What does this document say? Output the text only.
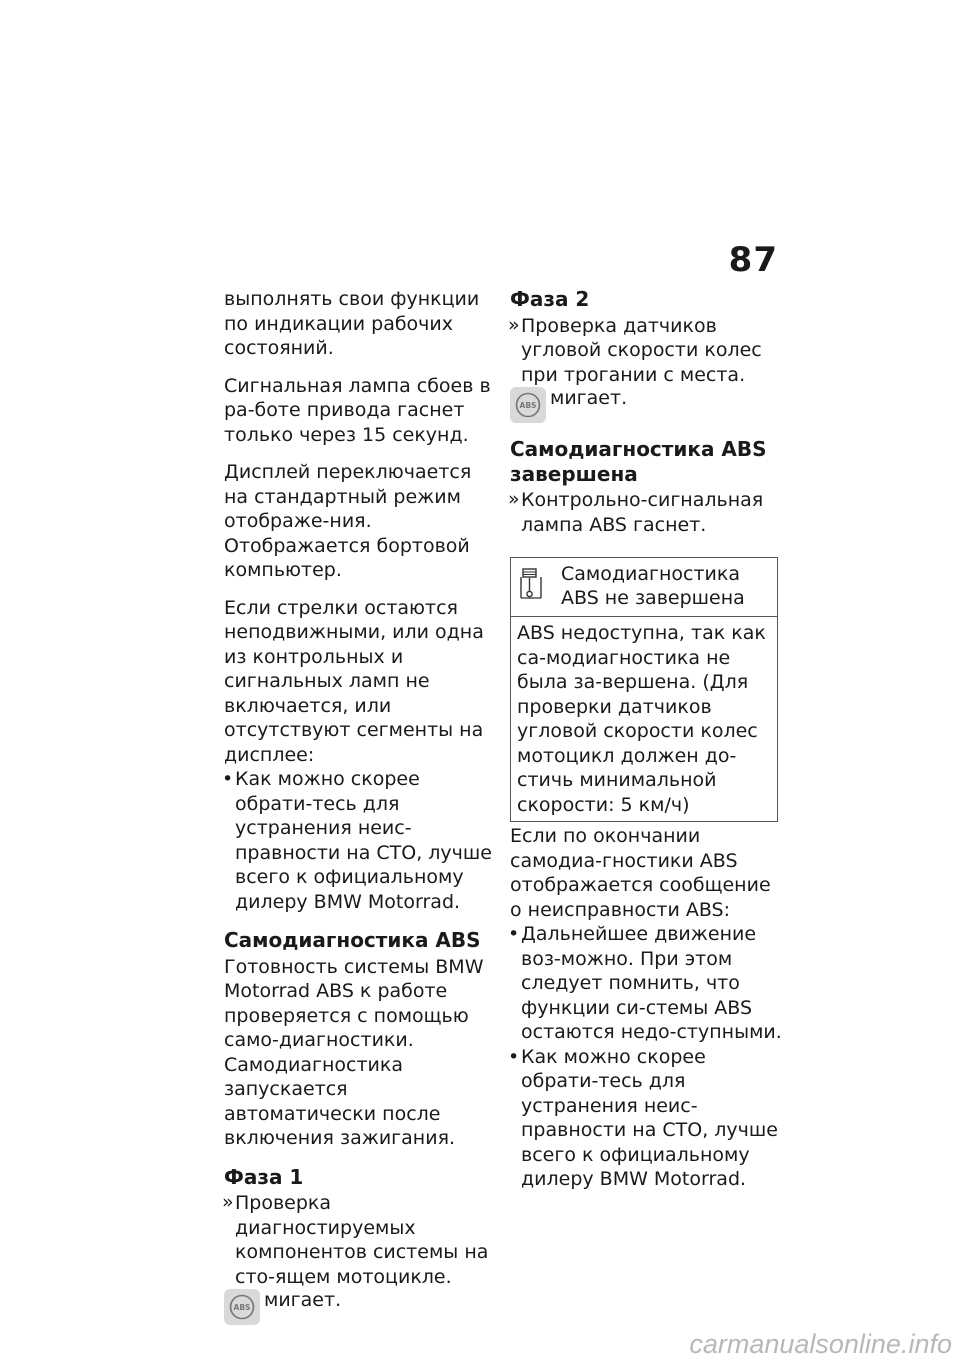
87

выполнять свои функции по индикации рабочих состояний.

Сигнальная лампа сбоев в ра-боте привода гаснет только через 15 секунд.

Дисплей переключается на стандартный режим отображе-ния. Отображается бортовой компьютер.

Если стрелки остаются неподвижными, или одна из контрольных и сигнальных ламп не включается, или отсутствуют сегменты на дисплее:

• Как можно скорее обрати-тесь для устранения неис-правности на СТО, лучше всего к официальному дилеру BMW Motorrad.

Самодиагностика ABS

Готовность системы BMW Motorrad ABS к работе проверяется с помощью само-диагностики. Самодиагностика запускается автоматически после включения зажигания.

Фаза 1

» Проверка диагностируемых компонентов системы на сто-ящем мотоцикле.

ABS мигает.
Фаза 2

» Проверка датчиков угловой скорости колес при трогании с места.

ABS мигает.
Самодиагностика ABS завершена

» Контрольно-сигнальная лампа ABS гаснет.

Самодиагностика ABS не завершена
ABS недоступна, так как са-модиагностика не была за-вершена. (Для проверки датчиков угловой скорости колес мотоцикл должен до-стичь минимальной скорости: 5 км/ч)

Если по окончании самодиа-гностики ABS отображается сообщение о неисправности ABS:

• Дальнейшее движение воз-можно. При этом следует помнить, что функции си-стемы ABS остаются недо-ступными.

• Как можно скорее обрати-тесь для устранения неис-правности на СТО, лучше всего к официальному дилеру BMW Motorrad.

carmanualsonline.info
